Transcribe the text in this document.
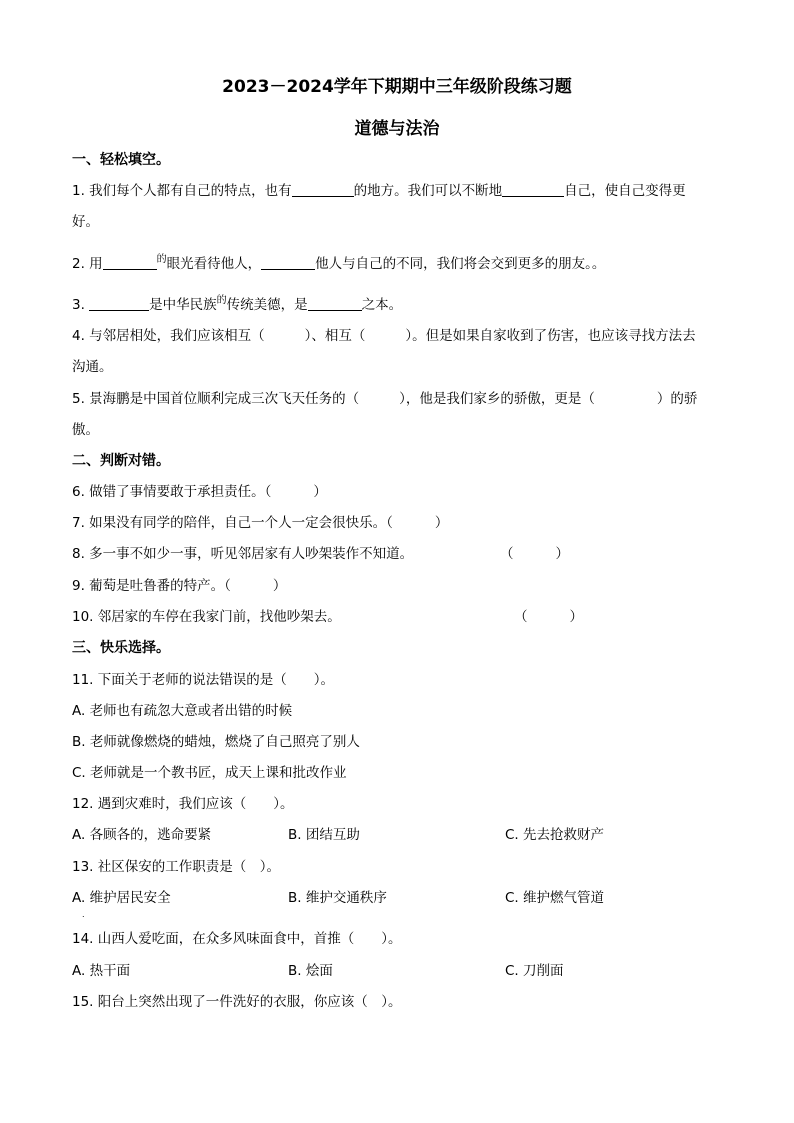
2023－2024学年下期期中三年级阶段练习题
道德与法治
一、轻松填空。
1. 我们每个人都有自己的特点，也有	的地方。我们可以不断地	自己，使自己变得更
好。
2. 用	$^的$眼光看待他人，	他人与自己的不同，我们将会交到更多的朋友。。
3.	是中华民族$^的$传统美德，是	之本。
4. 与邻居相处，我们应该相互（	）、相互（	）。但是如果自家收到了伤害，也应该寻找方法去
沟通。
5. 景海鹏是中国首位顺利完成三次飞天任务的（	），他是我们家乡的骄傲，更是（	）的骄
傲。
二、判断对错。
6. 做错了事情要敢于承担责任。（	）
7. 如果没有同学的陪伴，自己一个人一定会很快乐。（	）
8. 多一事不如少一事，听见邻居家有人吵架装作不知道。	（	）
9. 葡萄是吐鲁番的特产。（	）
10. 邻居家的车停在我家门前，找他吵架去。	（	）
三、快乐选择。
11. 下面关于老师的说法错误的是（　　）。
A. 老师也有疏忽大意或者出错的时候
B. 老师就像燃烧的蜡烛，燃烧了自己照亮了别人
C. 老师就是一个教书匠，成天上课和批改作业
12. 遇到灾难时，我们应该（　　）。
A. 各顾各的，逃命要紧	B. 团结互助	C. 先去抢救财产
13. 社区保安的工作职责是（　）。
A. 维护居民安全	B. 维护交通秩序	C. 维护燃气管道
.
14. 山西人爱吃面，在众多风味面食中，首推（　　）。
A. 热干面	B. 烩面	C. 刀削面
15. 阳台上突然出现了一件洗好的衣服，你应该（　）。
